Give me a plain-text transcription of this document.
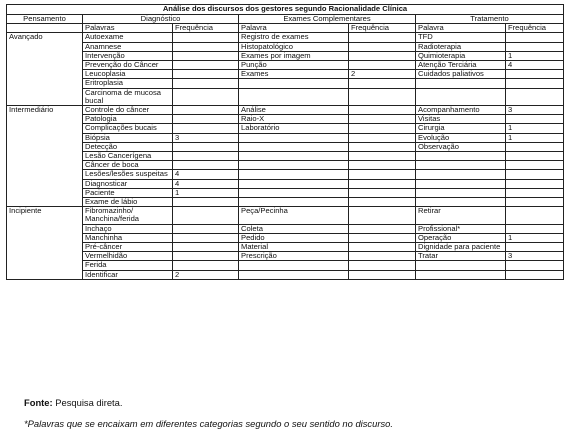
Análise dos discursos dos gestores segundo Racionalidade Clínica						
Pensamento	Diagnóstico		Exames Complementares		Tratamento	
	Palavras	Frequência	Palavra	Frequência	Palavra	Frequência
Avançado	Autoexame		Registro de exames		TFD	
	Anamnese		Histopatológico		Radioterapia	
	Intervenção		Exames por imagem		Quimioterapia	1
	Prevenção do Câncer		Punção		Atenção Terciária	4
	Leucoplasia		Exames	2	Cuidados paliativos	
	Eritroplasia					
	Carcinoma de mucosa bucal					
Intermediário	Controle do câncer		Análise		Acompanhamento	3
	Patologia		Raio-X		Visitas	
	Complicações bucais		Laboratório		Cirurgia	1
	Biópsia	3			Evolução	1
	Detecção				Observação	
	Lesão Cancerígena					
	Câncer de boca					
	Lesões/lesões suspeitas	4				
	Diagnosticar	4				
	Paciente	1				
	Exame de lábio					
Incipiente	Fibromazinho/ Manchina/ferida		Peça/Pecinha		Retirar	
	Inchaço		Coleta		Profissional*	
	Manchinha		Pedido		Operação	1
	Pré-câncer		Material		Dignidade para paciente	
	Vermelhidão		Prescrição		Tratar	3
	Ferida					
	Identificar	2				
Fonte: Pesquisa direta.
*Palavras que se encaixam em diferentes categorias segundo o seu sentido no discurso.
